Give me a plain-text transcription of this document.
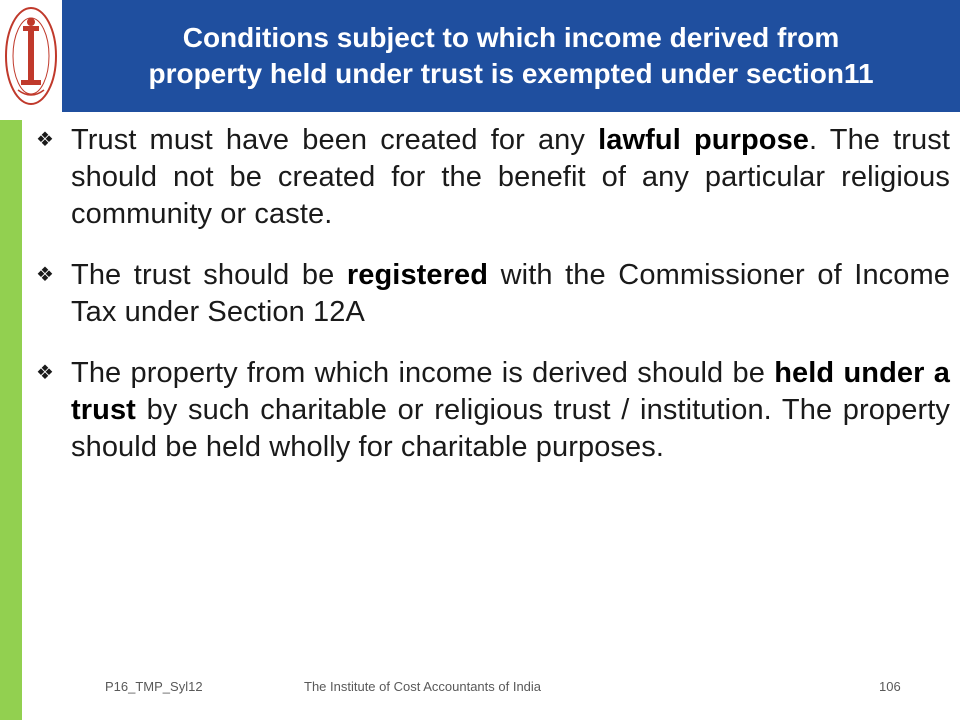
Conditions subject to which income derived from
property held under trust is exempted under section11
❖ Trust must have been created for any lawful purpose. The trust should not be created for the benefit of any particular religious community or caste.
❖ The trust should be registered with the Commissioner of Income Tax under Section 12A
❖ The property from which income is derived should be held under a trust by such charitable or religious trust / institution. The property should be held wholly for charitable purposes.
P16_TMP_Syl12	The Institute of Cost Accountants of India	106
